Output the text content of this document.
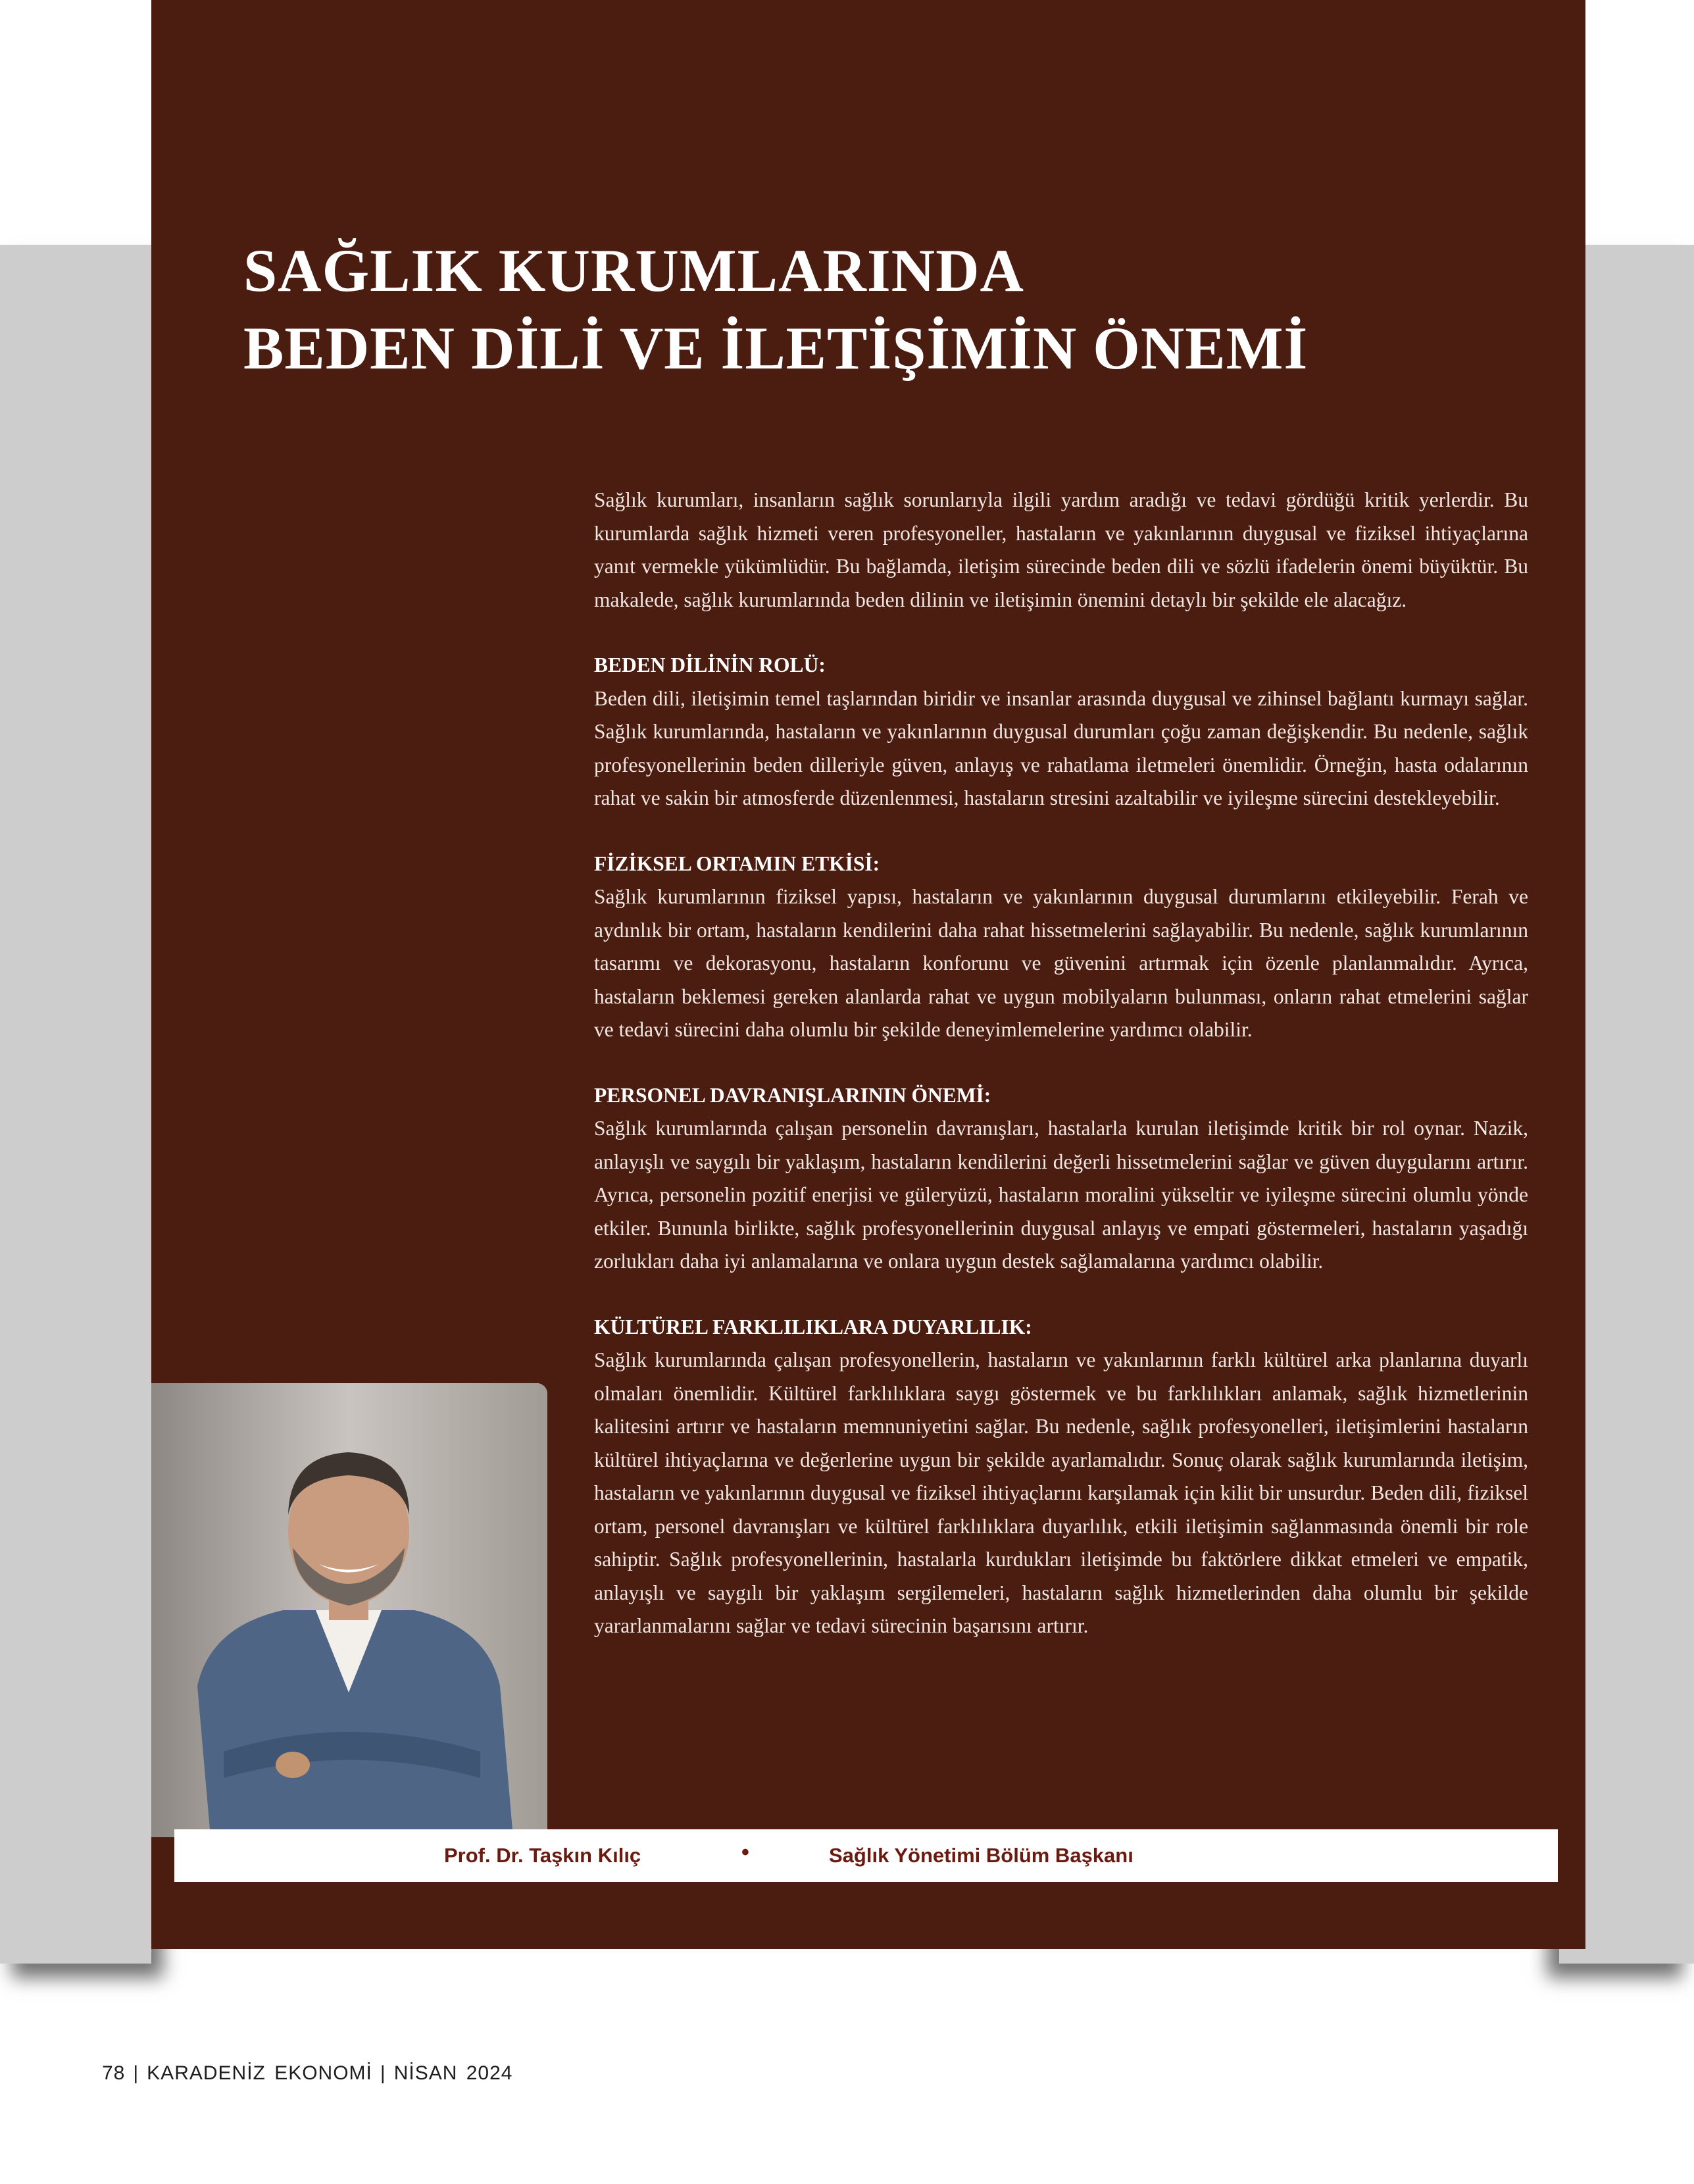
SAĞLIK KURUMLARINDA
BEDEN DİLİ VE İLETİŞİMİN ÖNEMİ

Sağlık kurumları, insanların sağlık sorunlarıyla ilgili yardım aradığı ve tedavi gördüğü kritik yerlerdir. Bu kurumlarda sağlık hizmeti veren profesyoneller, hastaların ve yakınlarının duygusal ve fiziksel ihtiyaçlarına yanıt vermekle yükümlüdür. Bu bağlamda, iletişim sürecinde beden dili ve sözlü ifadelerin önemi büyüktür. Bu makalede, sağlık kurumlarında beden dilinin ve iletişimin önemini detaylı bir şekilde ele alacağız.

BEDEN DİLİNİN ROLÜ:
Beden dili, iletişimin temel taşlarından biridir ve insanlar arasında duygusal ve zihinsel bağlantı kurmayı sağlar. Sağlık kurumlarında, hastaların ve yakınlarının duygusal durumları çoğu zaman değişkendir. Bu nedenle, sağlık profesyonellerinin beden dilleriyle güven, anlayış ve rahatlama iletmeleri önemlidir. Örneğin, hasta odalarının rahat ve sakin bir atmosferde düzenlenmesi, hastaların stresini azaltabilir ve iyileşme sürecini destekleyebilir.

FİZİKSEL ORTAMIN ETKİSİ:
Sağlık kurumlarının fiziksel yapısı, hastaların ve yakınlarının duygusal durumlarını etkileyebilir. Ferah ve aydınlık bir ortam, hastaların kendilerini daha rahat hissetmelerini sağlayabilir. Bu nedenle, sağlık kurumlarının tasarımı ve dekorasyonu, hastaların konforunu ve güvenini artırmak için özenle planlanmalıdır. Ayrıca, hastaların beklemesi gereken alanlarda rahat ve uygun mobilyaların bulunması, onların rahat etmelerini sağlar ve tedavi sürecini daha olumlu bir şekilde deneyimlemelerine yardımcı olabilir.

PERSONEL DAVRANIŞLARININ ÖNEMİ:
Sağlık kurumlarında çalışan personelin davranışları, hastalarla kurulan iletişimde kritik bir rol oynar. Nazik, anlayışlı ve saygılı bir yaklaşım, hastaların kendilerini değerli hissetmelerini sağlar ve güven duygularını artırır. Ayrıca, personelin pozitif enerjisi ve güleryüzü, hastaların moralini yükseltir ve iyileşme sürecini olumlu yönde etkiler. Bununla birlikte, sağlık profesyonellerinin duygusal anlayış ve empati göstermeleri, hastaların yaşadığı zorlukları daha iyi anlamalarına ve onlara uygun destek sağlamalarına yardımcı olabilir.

KÜLTÜREL FARKLILIKLARA DUYARLILIK:
Sağlık kurumlarında çalışan profesyonellerin, hastaların ve yakınlarının farklı kültürel arka planlarına duyarlı olmaları önemlidir. Kültürel farklılıklara saygı göstermek ve bu farklılıkları anlamak, sağlık hizmetlerinin kalitesini artırır ve hastaların memnuniyetini sağlar. Bu nedenle, sağlık profesyonelleri, iletişimlerini hastaların kültürel ihtiyaçlarına ve değerlerine uygun bir şekilde ayarlamalıdır. Sonuç olarak sağlık kurumlarında iletişim, hastaların ve yakınlarının duygusal ve fiziksel ihtiyaçlarını karşılamak için kilit bir unsurdur. Beden dili, fiziksel ortam, personel davranışları ve kültürel farklılıklara duyarlılık, etkili iletişimin sağlanmasında önemli bir role sahiptir. Sağlık profesyonellerinin, hastalarla kurdukları iletişimde bu faktörlere dikkat etmeleri ve empatik, anlayışlı ve saygılı bir yaklaşım sergilemeleri, hastaların sağlık hizmetlerinden daha olumlu bir şekilde yararlanmalarını sağlar ve tedavi sürecinin başarısını artırır.

Prof. Dr. Taşkın Kılıç	•	Sağlık Yönetimi Bölüm Başkanı
78 | KARADENİZ EKONOMİ | NİSAN 2024
